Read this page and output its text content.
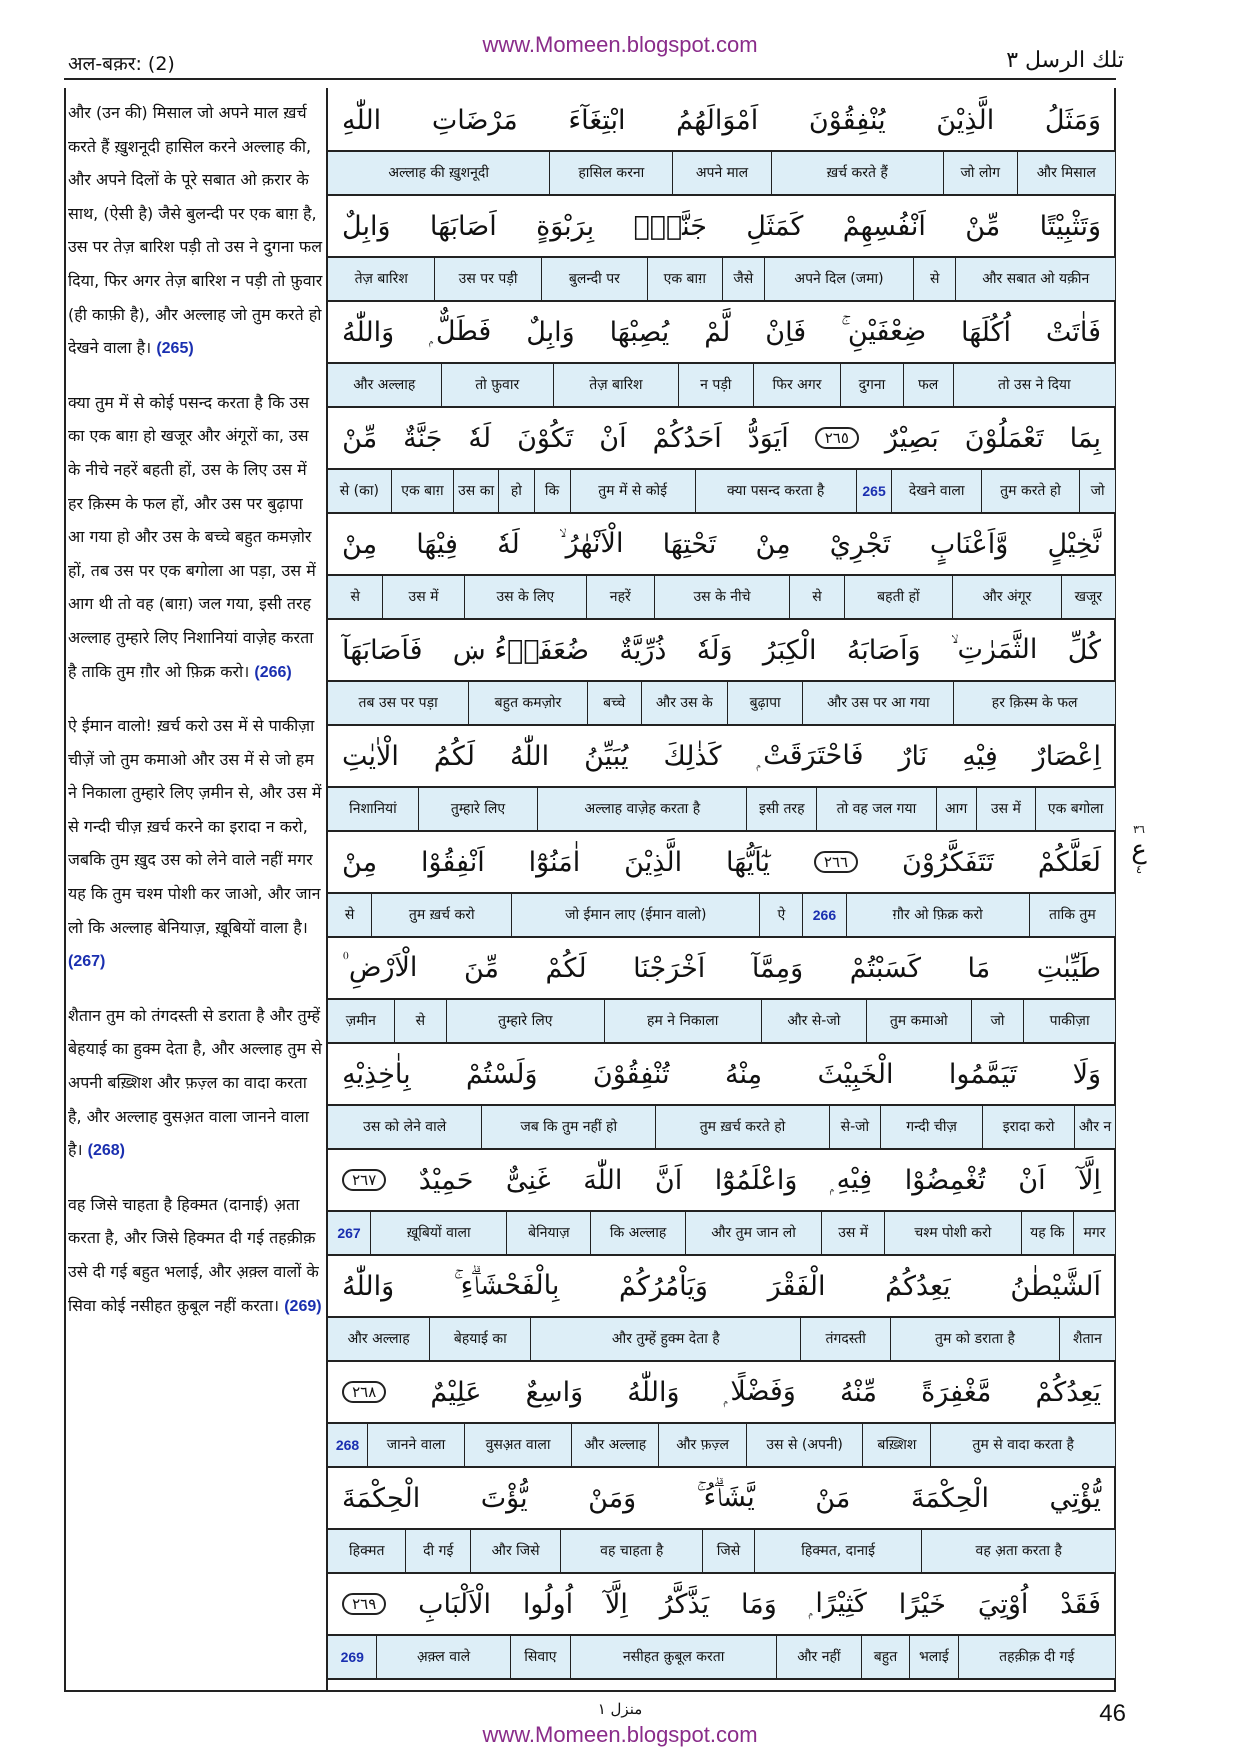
www.Momeen.blogspot.com
अल-बक़र: (2)	تلك الرسل ٣

और (उन की) मिसाल जो अपने माल ख़र्च करते हैं ख़ुशनूदी हासिल करने अल्लाह की, और अपने दिलों के पूरे सबात ओ क़रार के साथ, (ऐसी है) जैसे बुलन्दी पर एक बाग़ है, उस पर तेज़ बारिश पड़ी तो उस ने दुगना फल दिया, फिर अगर तेज़ बारिश न पड़ी तो फ़ुवार (ही काफ़ी है), और अल्लाह जो तुम करते हो देखने वाला है। (265)

क्या तुम में से कोई पसन्द करता है कि उस का एक बाग़ हो खजूर और अंगूरों का, उस के नीचे नहरें बहती हों, उस के लिए उस में हर क़िस्म के फल हों, और उस पर बुढ़ापा आ गया हो और उस के बच्चे बहुत कमज़ोर हों, तब उस पर एक बगोला आ पड़ा, उस में आग थी तो वह (बाग़) जल गया, इसी तरह अल्लाह तुम्हारे लिए निशानियां वाज़ेह करता है ताकि तुम ग़ौर ओ फ़िक्र करो। (266)

ऐ ईमान वालो! ख़र्च करो उस में से पाकीज़ा चीज़ें जो तुम कमाओ और उस में से जो हम ने निकाला तुम्हारे लिए ज़मीन से, और उस में से गन्दी चीज़ ख़र्च करने का इरादा न करो, जबकि तुम ख़ुद उस को लेने वाले नहीं मगर यह कि तुम चश्म पोशी कर जाओ, और जान लो कि अल्लाह बेनियाज़, ख़ूबियों वाला है। (267)

शैतान तुम को तंगदस्ती से डराता है और तुम्हें बेहयाई का हुक्म देता है, और अल्लाह तुम से अपनी बख़्शिश और फ़ज़्ल का वादा करता है, और अल्लाह वुसअ़त वाला जानने वाला है। (268)

वह जिसे चाहता है हिक्मत (दानाई) अ़ता करता है, और जिसे हिक्मत दी गई तहक़ीक़ उसे दी गई बहुत भलाई, और अ़क़्ल वालों के सिवा कोई नसीहत क़ुबूल नहीं करता। (269)

وَمَثَلُ
الَّذِيْنَ
يُنْفِقُوْنَ
اَمْوَالَهُمُ
ابْتِغَآءَ
مَرْضَاتِ
اللّٰهِ
और मिसाल
जो लोग
ख़र्च करते हैं
अपने माल
हासिल करना
अल्लाह की ख़ुशनूदी
وَتَثْبِيْتًا
مِّنْ
اَنْفُسِهِمْ
كَمَثَلِ
جَنَّةٍۭ
بِرَبْوَةٍ
اَصَابَهَا
وَابِلٌ
और सबात ओ यक़ीन
से
अपने दिल (जमा)
जैसे
एक बाग़
बुलन्दी पर
उस पर पड़ी
तेज़ बारिश
فَاٰتَتْ
اُكُلَهَا
ضِعْفَيْنِ ۚ
فَاِنْ
لَّمْ
يُصِبْهَا
وَابِلٌ
فَطَلٌّ ۭ
وَاللّٰهُ
तो उस ने दिया
फल
दुगना
फिर अगर
न पड़ी
तेज़ बारिश
तो फ़ुवार
और अल्लाह
بِمَا
تَعْمَلُوْنَ
بَصِيْرٌ
٢٦٥
اَيَوَدُّ
اَحَدُكُمْ
اَنْ
تَكُوْنَ
لَهٗ
جَنَّةٌ
مِّنْ
जो
तुम करते हो
देखने वाला
265
क्या पसन्द करता है
तुम में से कोई
कि
हो
उस का
एक बाग़
से (का)
نَّخِيْلٍ
وَّاَعْنَابٍ
تَجْرِيْ
مِنْ
تَحْتِهَا
الْاَنْهٰرُ ۙ
لَهٗ
فِيْهَا
مِنْ
खजूर
और अंगूर
बहती हों
से
उस के नीचे
नहरें
उस के लिए
उस में
से
كُلِّ
الثَّمَرٰتِ ۙ
وَاَصَابَهُ
الْكِبَرُ
وَلَهٗ
ذُرِّيَّةٌ
ضُعَفَاۗءُ ښ
فَاَصَابَهَآ
हर क़िस्म के फल
और उस पर आ गया
बुढ़ापा
और उस के
बच्चे
बहुत कमज़ोर
तब उस पर पड़ा
اِعْصَارٌ
فِيْهِ
نَارٌ
فَاحْتَرَقَتْ ۭ
كَذٰلِكَ
يُبَيِّنُ
اللّٰهُ
لَكُمُ
الْاٰيٰتِ
एक बगोला
उस में
आग
तो वह जल गया
इसी तरह
अल्लाह वाज़ेह करता है
तुम्हारे लिए
निशानियां
لَعَلَّكُمْ
تَتَفَكَّرُوْنَ
٢٦٦
يٰٓاَيُّهَا
الَّذِيْنَ
اٰمَنُوْٓا
اَنْفِقُوْا
مِنْ
ताकि तुम
ग़ौर ओ फ़िक्र करो
266
ऐ
जो ईमान लाए (ईमान वालो)
तुम ख़र्च करो
से
طَيِّبٰتِ
مَا
كَسَبْتُمْ
وَمِمَّآ
اَخْرَجْنَا
لَكُمْ
مِّنَ
الْاَرْضِ ۠
पाकीज़ा
जो
तुम कमाओ
और से-जो
हम ने निकाला
तुम्हारे लिए
से
ज़मीन
وَلَا
تَيَمَّمُوا
الْخَبِيْثَ
مِنْهُ
تُنْفِقُوْنَ
وَلَسْتُمْ
بِاٰخِذِيْهِ
और न
इरादा करो
गन्दी चीज़
से-जो
तुम ख़र्च करते हो
जब कि तुम नहीं हो
उस को लेने वाले
اِلَّآ
اَنْ
تُغْمِضُوْا
فِيْهِ ۭ
وَاعْلَمُوْٓا
اَنَّ
اللّٰهَ
غَنِىٌّ
حَمِيْدٌ
٢٦٧
मगर
यह कि
चश्म पोशी करो
उस में
और तुम जान लो
कि अल्लाह
बेनियाज़
ख़ूबियों वाला
267
اَلشَّيْطٰنُ
يَعِدُكُمُ
الْفَقْرَ
وَيَاْمُرُكُمْ
بِالْفَحْشَاۗءِ ۚ
وَاللّٰهُ
शैतान
तुम को डराता है
तंगदस्ती
और तुम्हें हुक्म देता है
बेहयाई का
और अल्लाह
يَعِدُكُمْ
مَّغْفِرَةً
مِّنْهُ
وَفَضْلًا ۭ
وَاللّٰهُ
وَاسِعٌ
عَلِيْمٌ
٢٦٨
तुम से वादा करता है
बख़्शिश
उस से (अपनी)
और फ़ज़्ल
और अल्लाह
वुसअ़त वाला
जानने वाला
268
يُّؤْتِي
الْحِكْمَةَ
مَنْ
يَّشَاۗءُ ۚ
وَمَنْ
يُّؤْتَ
الْحِكْمَةَ
वह अ़ता करता है
हिक्मत, दानाई
जिसे
वह चाहता है
और जिसे
दी गई
हिक्मत
فَقَدْ
اُوْتِيَ
خَيْرًا
كَثِيْرًا ۭ
وَمَا
يَذَّكَّرُ
اِلَّآ
اُولُوا
الْاَلْبَابِ
٢٦٩
तहक़ीक़ दी गई
भलाई
बहुत
और नहीं
नसीहत क़ुबूल करता
सिवाए
अ़क़्ल वाले
269
٣٦
ع
٤
منزل ١	46
www.Momeen.blogspot.com
